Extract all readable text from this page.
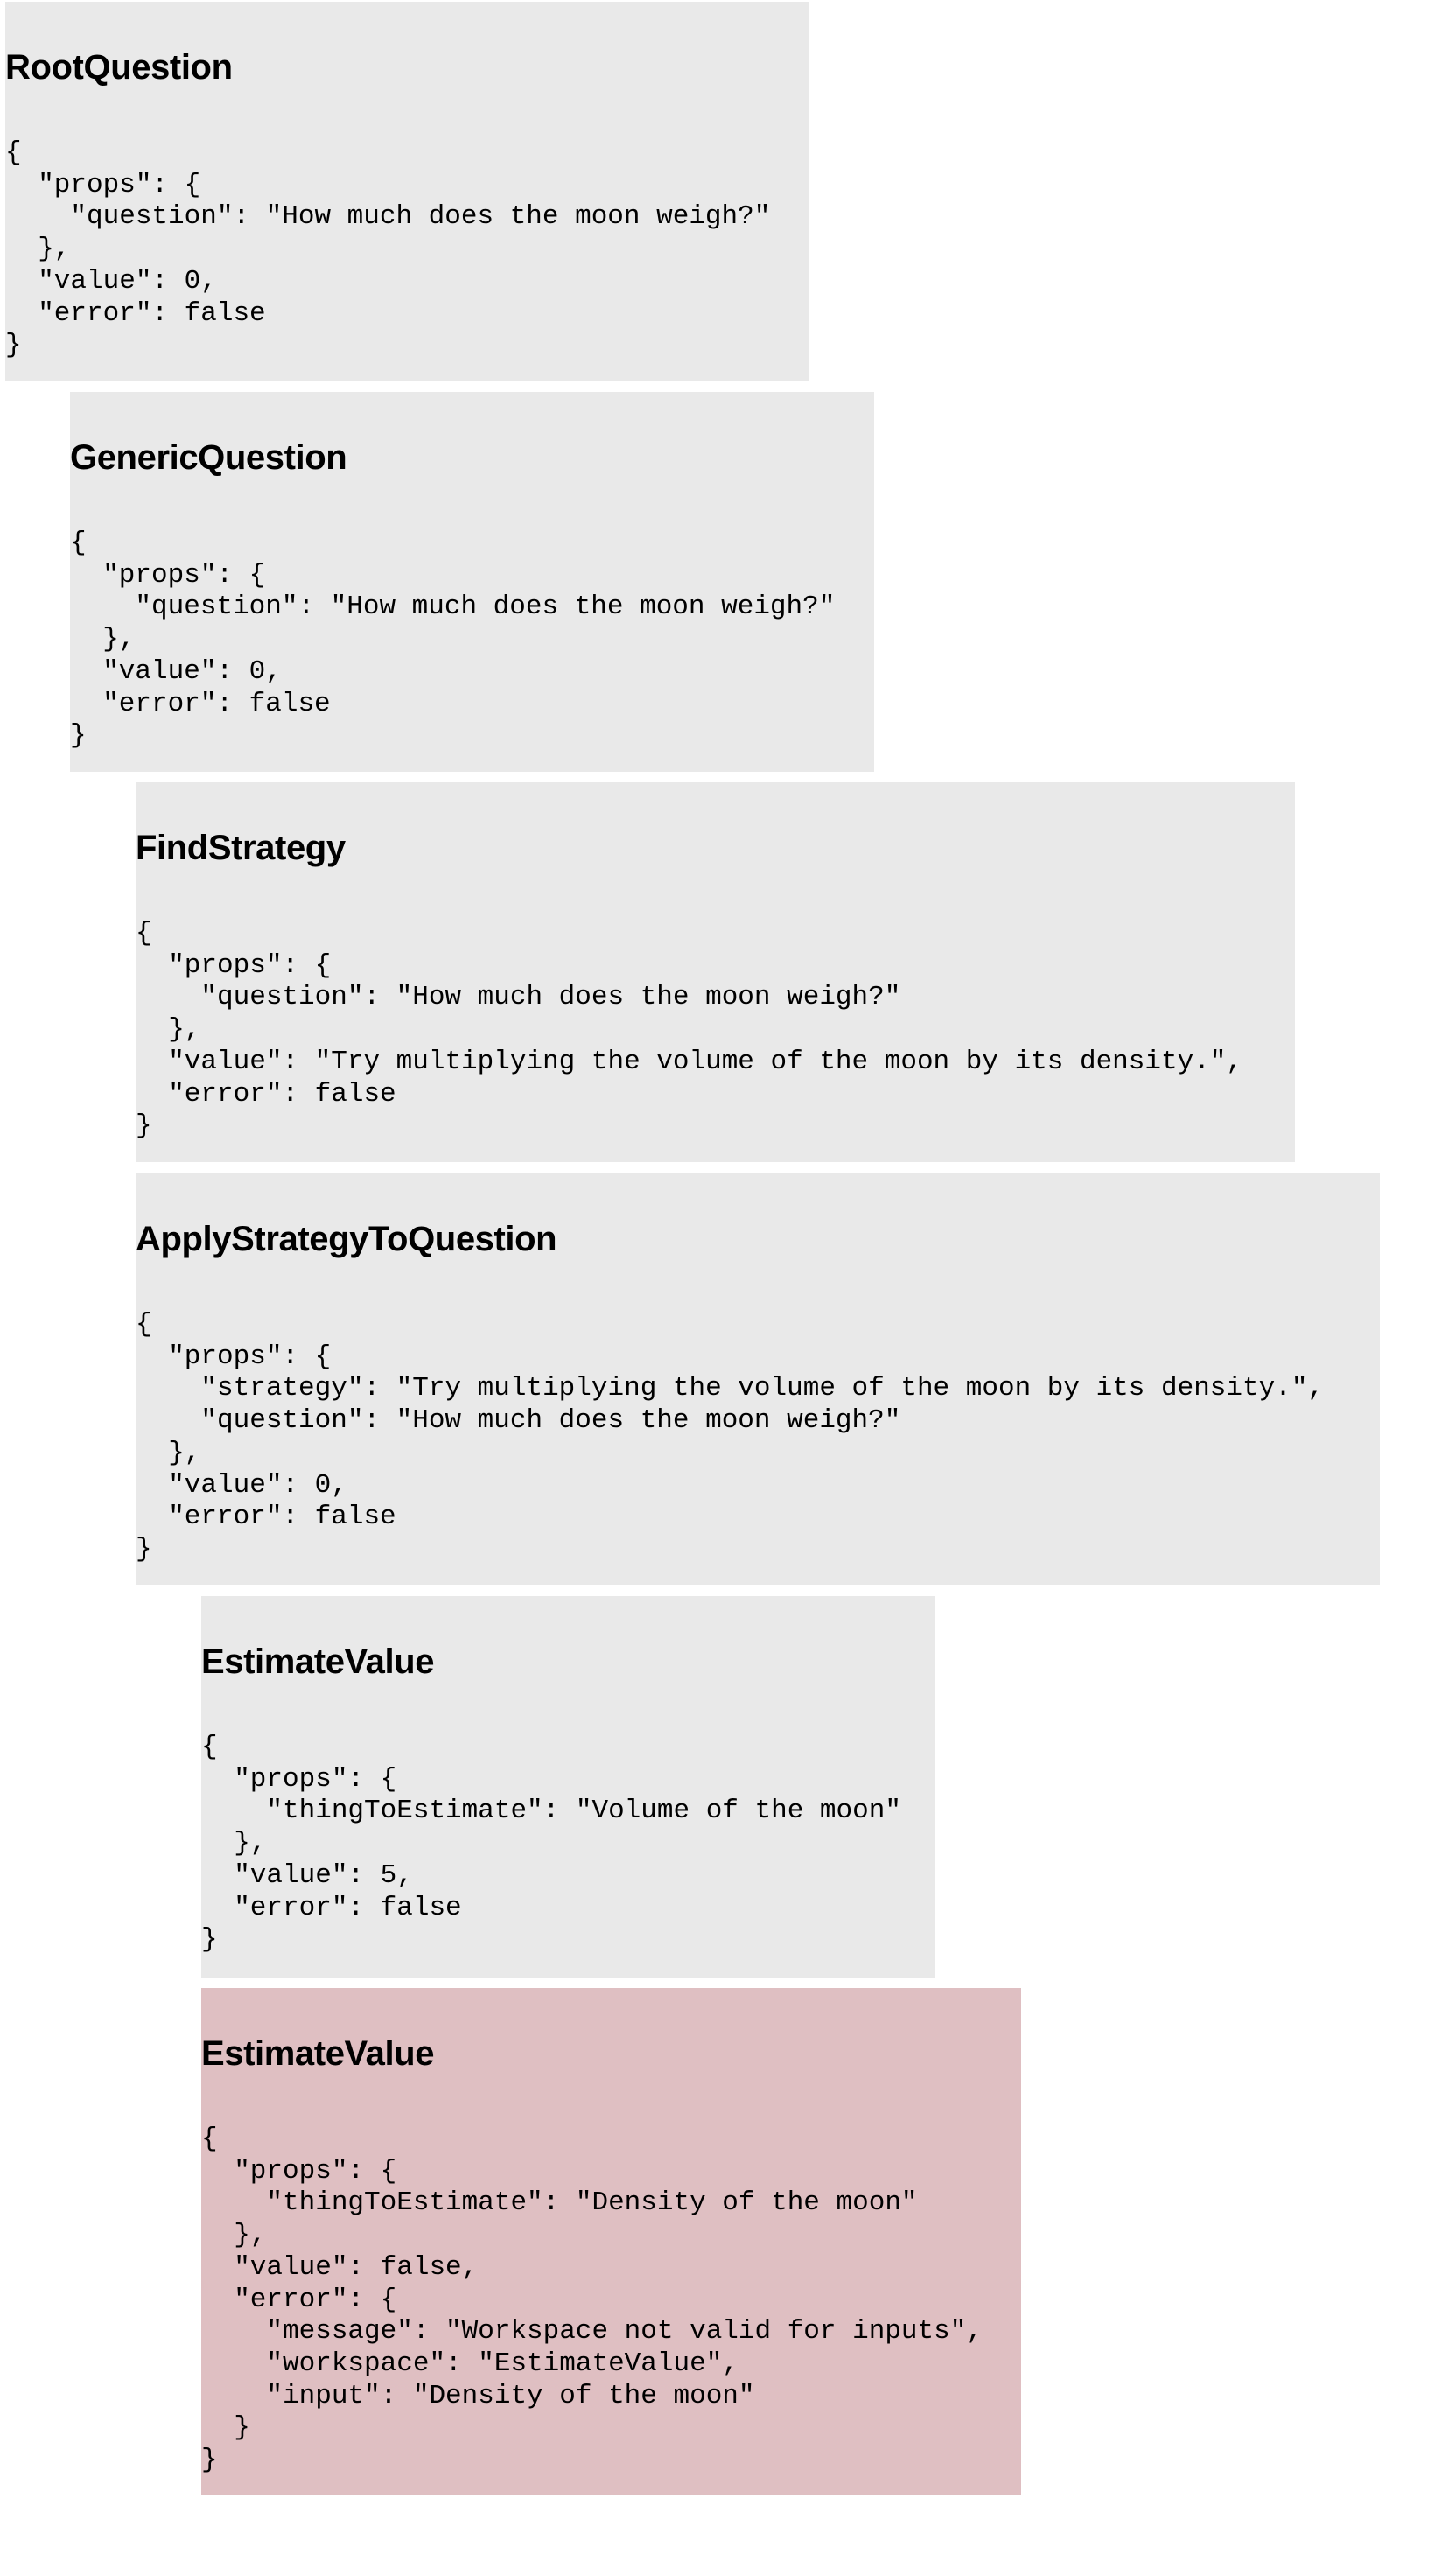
RootQuestion
{
"props": {
"question": "How much does the moon weigh?"
},
"value": 0,
"error": false
}
GenericQuestion
{
"props": {
"question": "How much does the moon weigh?"
},
"value": 0,
"error": false
}
FindStrategy
{
"props": {
"question": "How much does the moon weigh?"
},
"value": "Try multiplying the volume of the moon by its density.",
"error": false
}
ApplyStrategyToQuestion
{
"props": {
"strategy": "Try multiplying the volume of the moon by its density.",
"question": "How much does the moon weigh?"
},
"value": 0,
"error": false
}
EstimateValue
{
"props": {
"thingToEstimate": "Volume of the moon"
},
"value": 5,
"error": false
}
EstimateValue
{
"props": {
"thingToEstimate": "Density of the moon"
},
"value": false,
"error": {
"message": "Workspace not valid for inputs",
"workspace": "EstimateValue",
"input": "Density of the moon"
}
}
